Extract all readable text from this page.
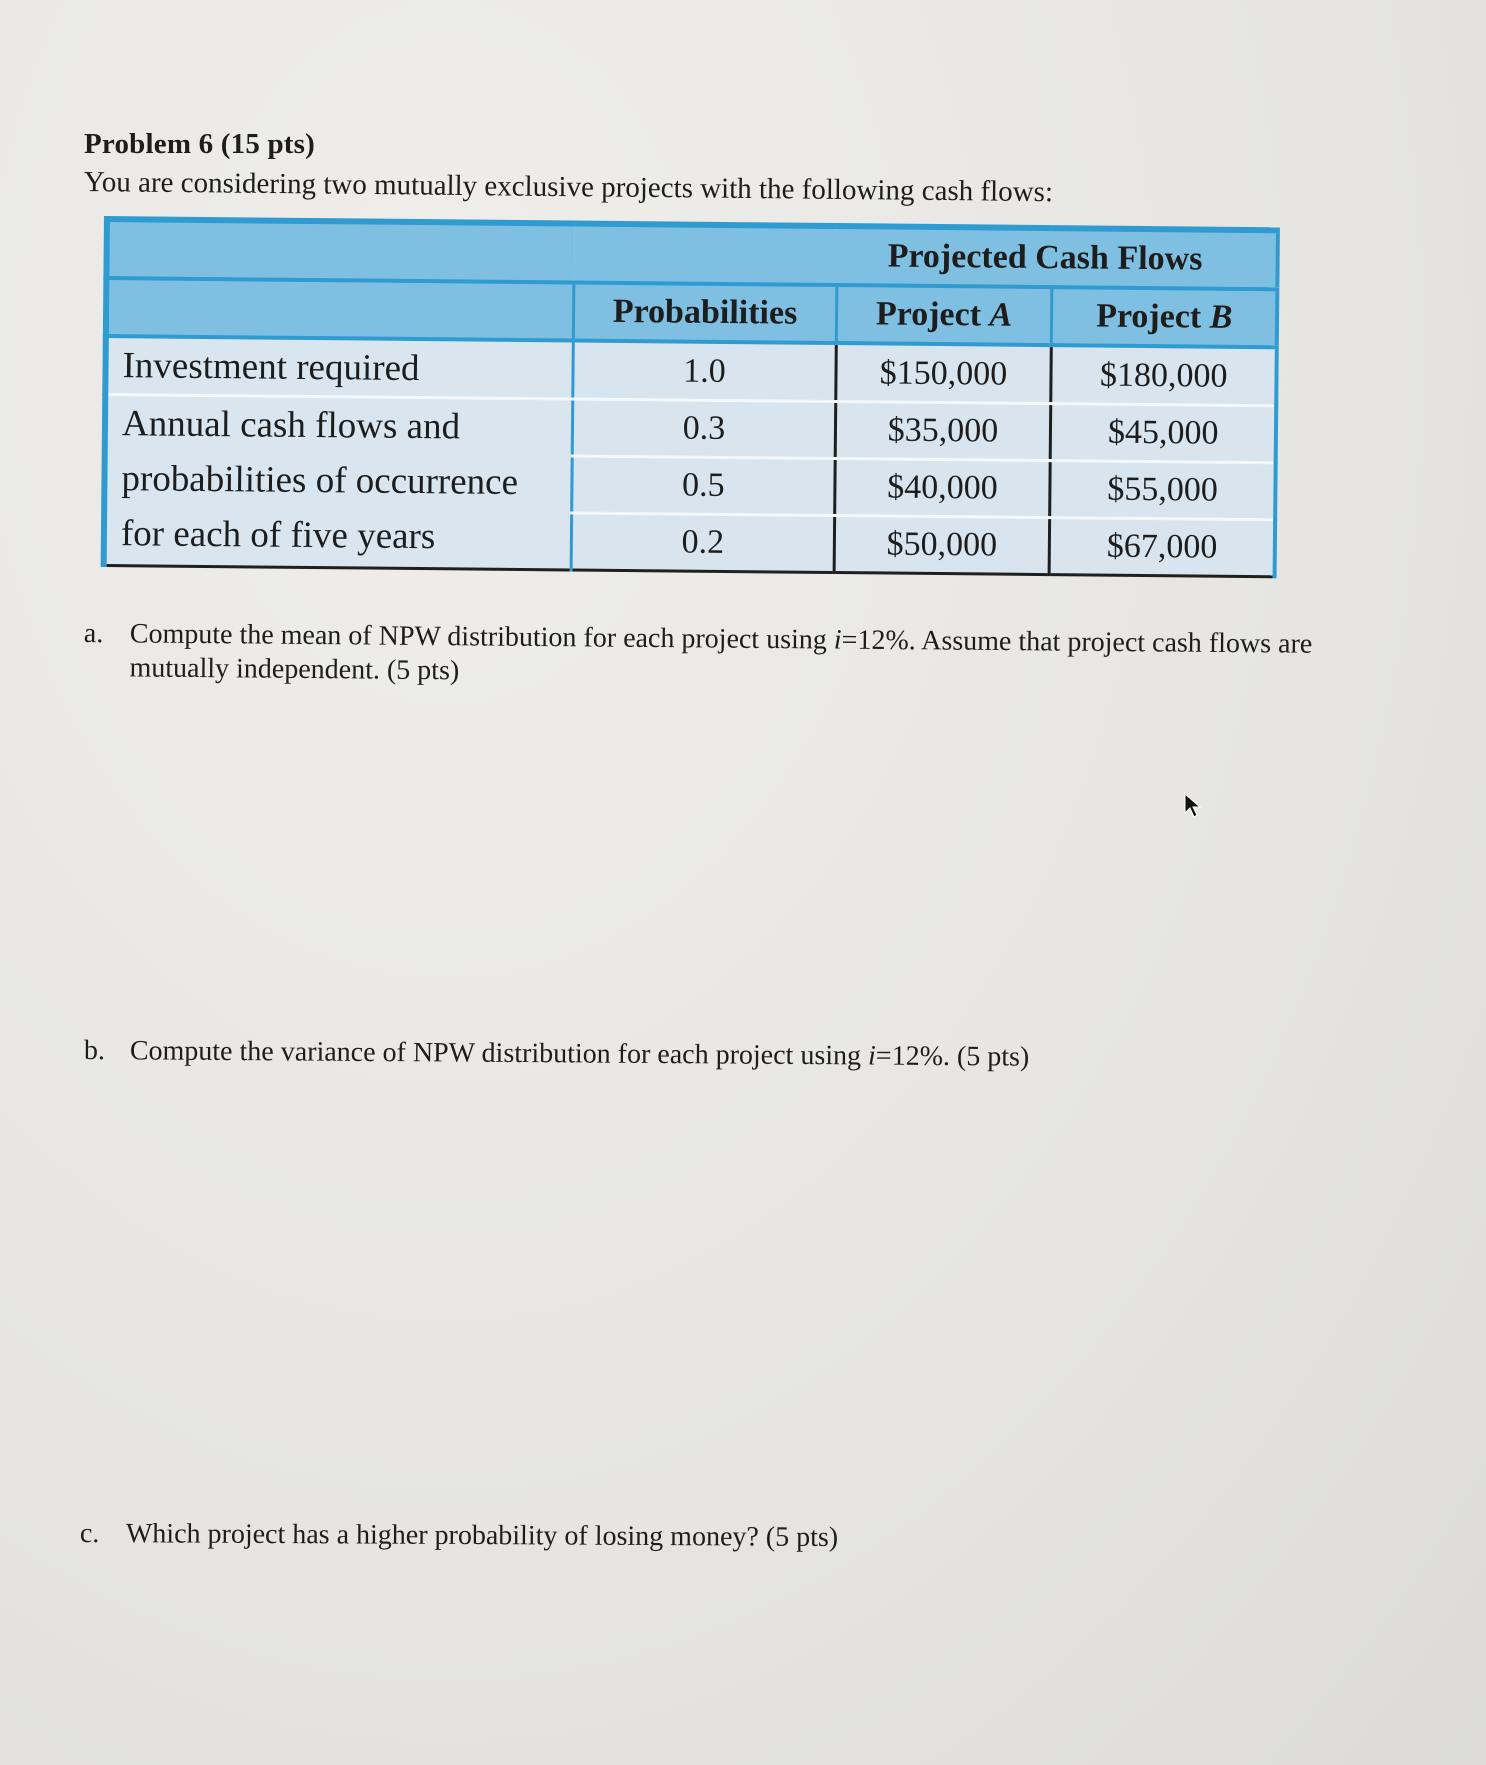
Problem 6 (15 pts)
You are considering two mutually exclusive projects with the following cash flows:
	Projected Cash Flows		
	Probabilities	Project A	Project B
Investment required	1.0	$150,000	$180,000

Annual cash flows and
probabilities of occurrence
for each of five years	0.3	$35,000	$45,000
	0.5	$40,000	$55,000
	0.2	$50,000	$67,000
a. Compute the mean of NPW distribution for each project using i=12%. Assume that project cash flows are
mutually independent. (5 pts)
b. Compute the variance of NPW distribution for each project using i=12%. (5 pts)
c. Which project has a higher probability of losing money? (5 pts)
